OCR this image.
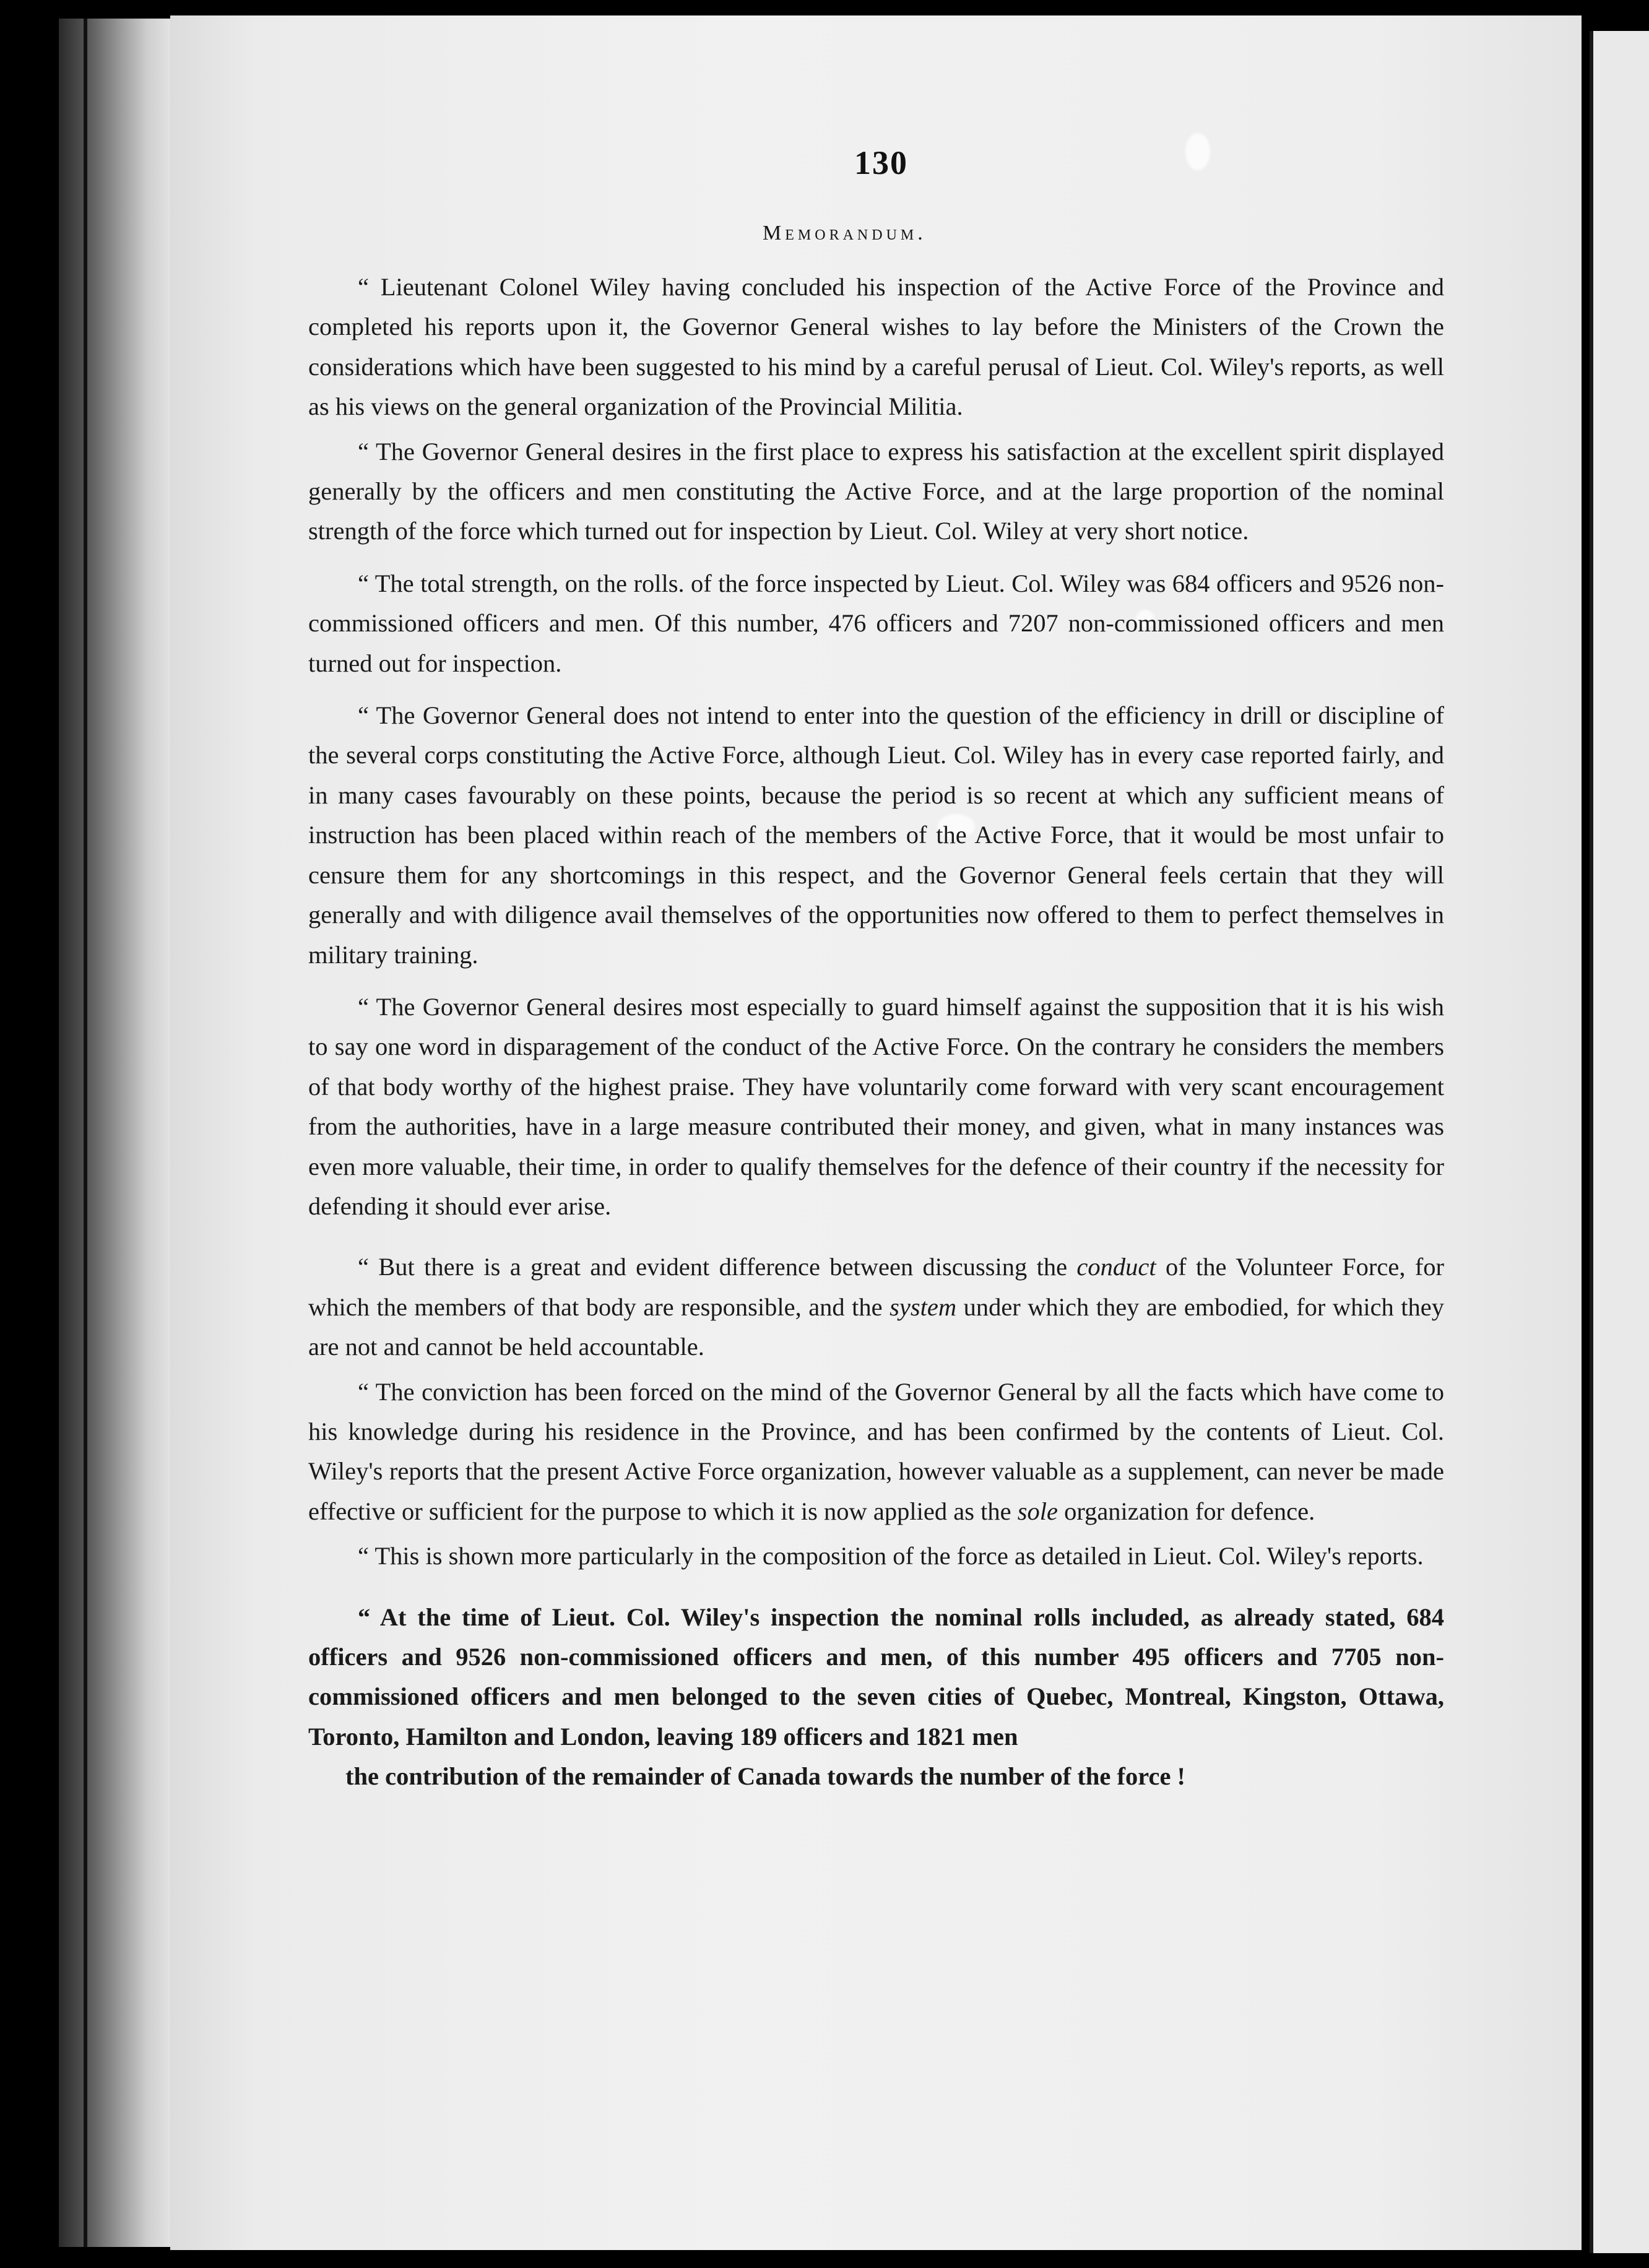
130
Memorandum.

“ Lieutenant Colonel Wiley having concluded his inspection of the Active Force of the Province and completed his reports upon it, the Governor General wishes to lay before the Ministers of the Crown the considerations which have been suggested to his mind by a careful perusal of Lieut. Col. Wiley's reports, as well as his views on the general organization of the Provincial Militia.

“ The Governor General desires in the first place to express his satisfaction at the excellent spirit displayed generally by the officers and men constituting the Active Force, and at the large proportion of the nominal strength of the force which turned out for inspection by Lieut. Col. Wiley at very short notice.

“ The total strength, on the rolls. of the force inspected by Lieut. Col. Wiley was 684 officers and 9526 non-commissioned officers and men. Of this number, 476 officers and 7207 non-commissioned officers and men turned out for inspection.

“ The Governor General does not intend to enter into the question of the efficiency in drill or discipline of the several corps constituting the Active Force, although Lieut. Col. Wiley has in every case reported fairly, and in many cases favourably on these points, because the period is so recent at which any sufficient means of instruction has been placed within reach of the members of the Active Force, that it would be most unfair to censure them for any shortcomings in this respect, and the Governor General feels certain that they will generally and with diligence avail themselves of the opportunities now offered to them to perfect themselves in military training.

“ The Governor General desires most especially to guard himself against the supposition that it is his wish to say one word in disparagement of the conduct of the Active Force. On the contrary he considers the members of that body worthy of the highest praise. They have voluntarily come forward with very scant encouragement from the authorities, have in a large measure contributed their money, and given, what in many instances was even more valuable, their time, in order to qualify themselves for the defence of their country if the necessity for defending it should ever arise.

“ But there is a great and evident difference between discussing the conduct of the Volunteer Force, for which the members of that body are responsible, and the system under which they are embodied, for which they are not and cannot be held accountable.

“ The conviction has been forced on the mind of the Governor General by all the facts which have come to his knowledge during his residence in the Province, and has been confirmed by the contents of Lieut. Col. Wiley's reports that the present Active Force organization, however valuable as a supplement, can never be made effective or sufficient for the purpose to which it is now applied as the sole organization for defence.

“ This is shown more particularly in the composition of the force as detailed in Lieut. Col. Wiley's reports.

“ At the time of Lieut. Col. Wiley's inspection the nominal rolls included, as already stated, 684 officers and 9526 non-commissioned officers and men, of this number 495 officers and 7705 non-commissioned officers and men belonged to the seven cities of Quebec, Montreal, Kingston, Ottawa, Toronto, Hamilton and London, leaving 189 officers and 1821 men

the contribution of the remainder of Canada towards the number of the force !
